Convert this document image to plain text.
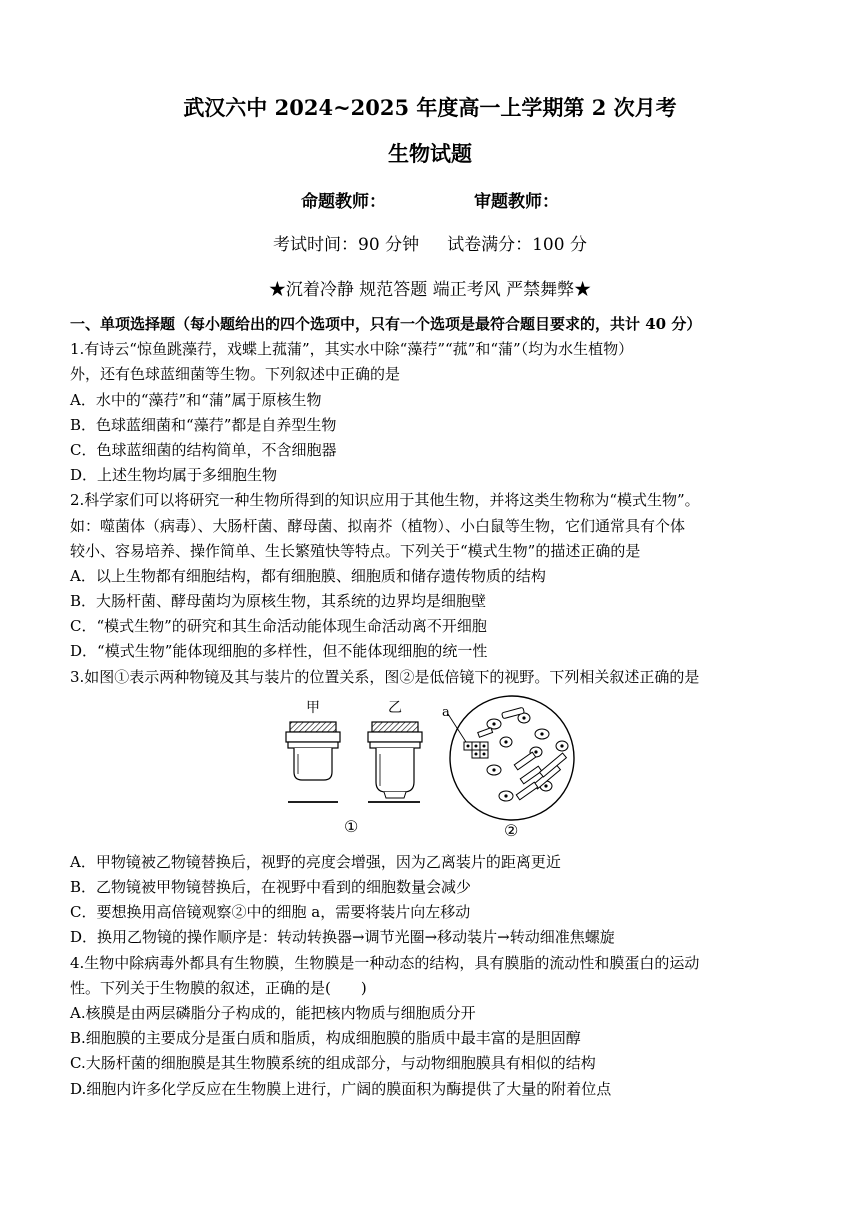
武汉六中 2024~2025 年度高一上学期第 2 次月考
生物试题
命题教师：	审题教师：
考试时间：90 分钟 试卷满分：100 分
★沉着冷静 规范答题 端正考风 严禁舞弊★
一、单项选择题（每小题给出的四个选项中，只有一个选项是最符合题目要求的，共计 40 分）
1.有诗云“惊鱼跳藻荇，戏蝶上菰蒲”，其实水中除“藻荇”“菰”和“蒲”（均为水生植物）
外，还有色球蓝细菌等生物。下列叙述中正确的是
A．水中的“藻荇”和“蒲”属于原核生物
B．色球蓝细菌和“藻荇”都是自养型生物
C．色球蓝细菌的结构简单，不含细胞器
D．上述生物均属于多细胞生物
2.科学家们可以将研究一种生物所得到的知识应用于其他生物，并将这类生物称为“模式生物”。
如：噬菌体（病毒）、大肠杆菌、酵母菌、拟南芥（植物）、小白鼠等生物，它们通常具有个体
较小、容易培养、操作简单、生长繁殖快等特点。下列关于“模式生物”的描述正确的是
A．以上生物都有细胞结构，都有细胞膜、细胞质和储存遗传物质的结构
B．大肠杆菌、酵母菌均为原核生物，其系统的边界均是细胞壁
C．“模式生物”的研究和其生命活动能体现生命活动离不开细胞
D．“模式生物”能体现细胞的多样性，但不能体现细胞的统一性
3.如图①表示两种物镜及其与装片的位置关系，图②是低倍镜下的视野。下列相关叙述正确的是
甲	乙
①
a
②
A．甲物镜被乙物镜替换后，视野的亮度会增强，因为乙离装片的距离更近
B．乙物镜被甲物镜替换后，在视野中看到的细胞数量会减少
C．要想换用高倍镜观察②中的细胞 a，需要将装片向左移动
D．换用乙物镜的操作顺序是：转动转换器→调节光圈→移动装片→转动细准焦螺旋
4.生物中除病毒外都具有生物膜，生物膜是一种动态的结构，具有膜脂的流动性和膜蛋白的运动
性。下列关于生物膜的叙述，正确的是(　　)
A.核膜是由两层磷脂分子构成的，能把核内物质与细胞质分开
B.细胞膜的主要成分是蛋白质和脂质，构成细胞膜的脂质中最丰富的是胆固醇
C.大肠杆菌的细胞膜是其生物膜系统的组成部分，与动物细胞膜具有相似的结构
D.细胞内许多化学反应在生物膜上进行，广阔的膜面积为酶提供了大量的附着位点
